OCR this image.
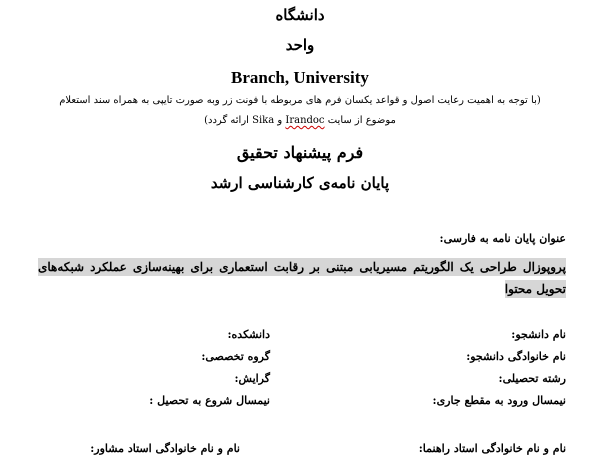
دانشگاه
واحد
Branch, University
(با توجه به اهمیت رعایت اصول و قواعد یکسان فرم های مربوطه با فونت زر وبه صورت تایپی به همراه سند استعلام
موضوع از سایت Irandoc و Sika ارائه گردد)
فرم پیشنهاد تحقیق
پایان نامه‌ی کارشناسی ارشد
عنوان پایان نامه به فارسی:
پروپوزال طراحی یک الگوریتم مسیریابی مبتنی بر رقابت استعماری برای بهینه‌سازی عملکرد شبکه‌های تحویل محتوا
نام دانشجو:
دانشکده:
نام خانوادگی دانشجو:
گروه تخصصی:
رشته تحصیلی:
گرایش:
نیمسال ورود به مقطع جاری:
نیمسال شروع به تحصیل :
نام و نام خانوادگی استاد راهنما:
نام و نام خانوادگی استاد مشاور:
